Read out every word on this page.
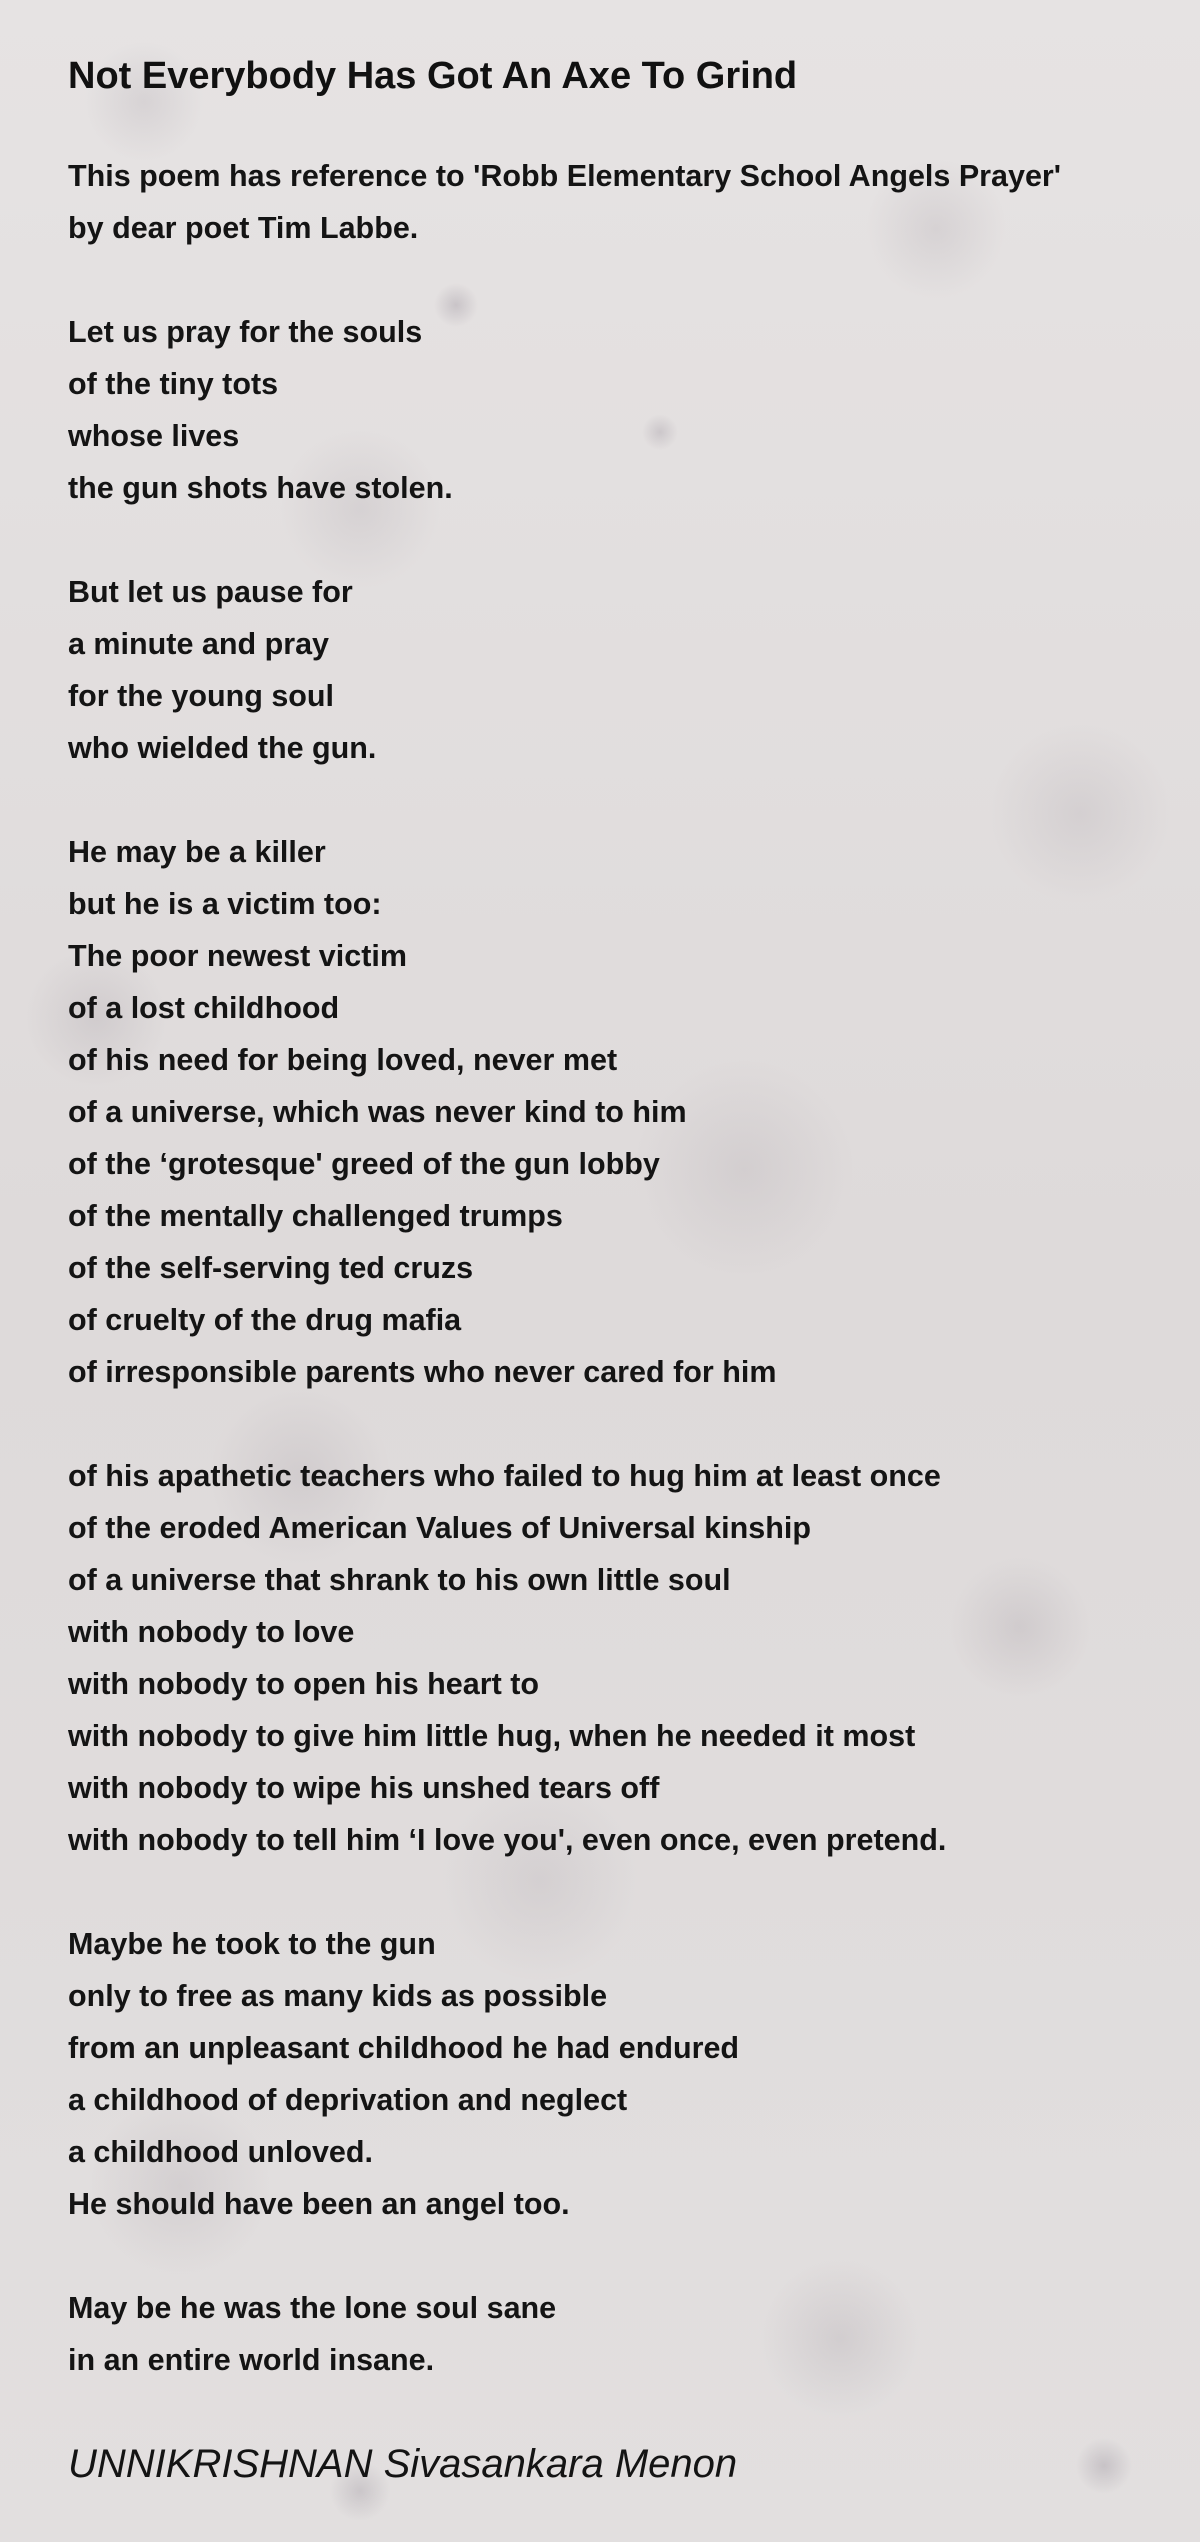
Not Everybody Has Got An Axe To Grind
This poem has reference to 'Robb Elementary School Angels Prayer'
by dear poet Tim Labbe.
Let us pray for the souls
of the tiny tots
whose lives
the gun shots have stolen.
But let us pause for
a minute and pray
for the young soul
who wielded the gun.
He may be a killer
but he is a victim too:
The poor newest victim
of a lost childhood
of his need for being loved, never met
of a universe, which was never kind to him
of the ‘grotesque' greed of the gun lobby
of the mentally challenged trumps
of the self-serving ted cruzs
of cruelty of the drug mafia
of irresponsible parents who never cared for him
of his apathetic teachers who failed to hug him at least once
of the eroded American Values of Universal kinship
of a universe that shrank to his own little soul
with nobody to love
with nobody to open his heart to
with nobody to give him little hug, when he needed it most
with nobody to wipe his unshed tears off
with nobody to tell him ‘I love you', even once, even pretend.
Maybe he took to the gun
only to free as many kids as possible
from an unpleasant childhood he had endured
a childhood of deprivation and neglect
a childhood unloved.
He should have been an angel too.
May be he was the lone soul sane
in an entire world insane.

UNNIKRISHNAN Sivasankara Menon
